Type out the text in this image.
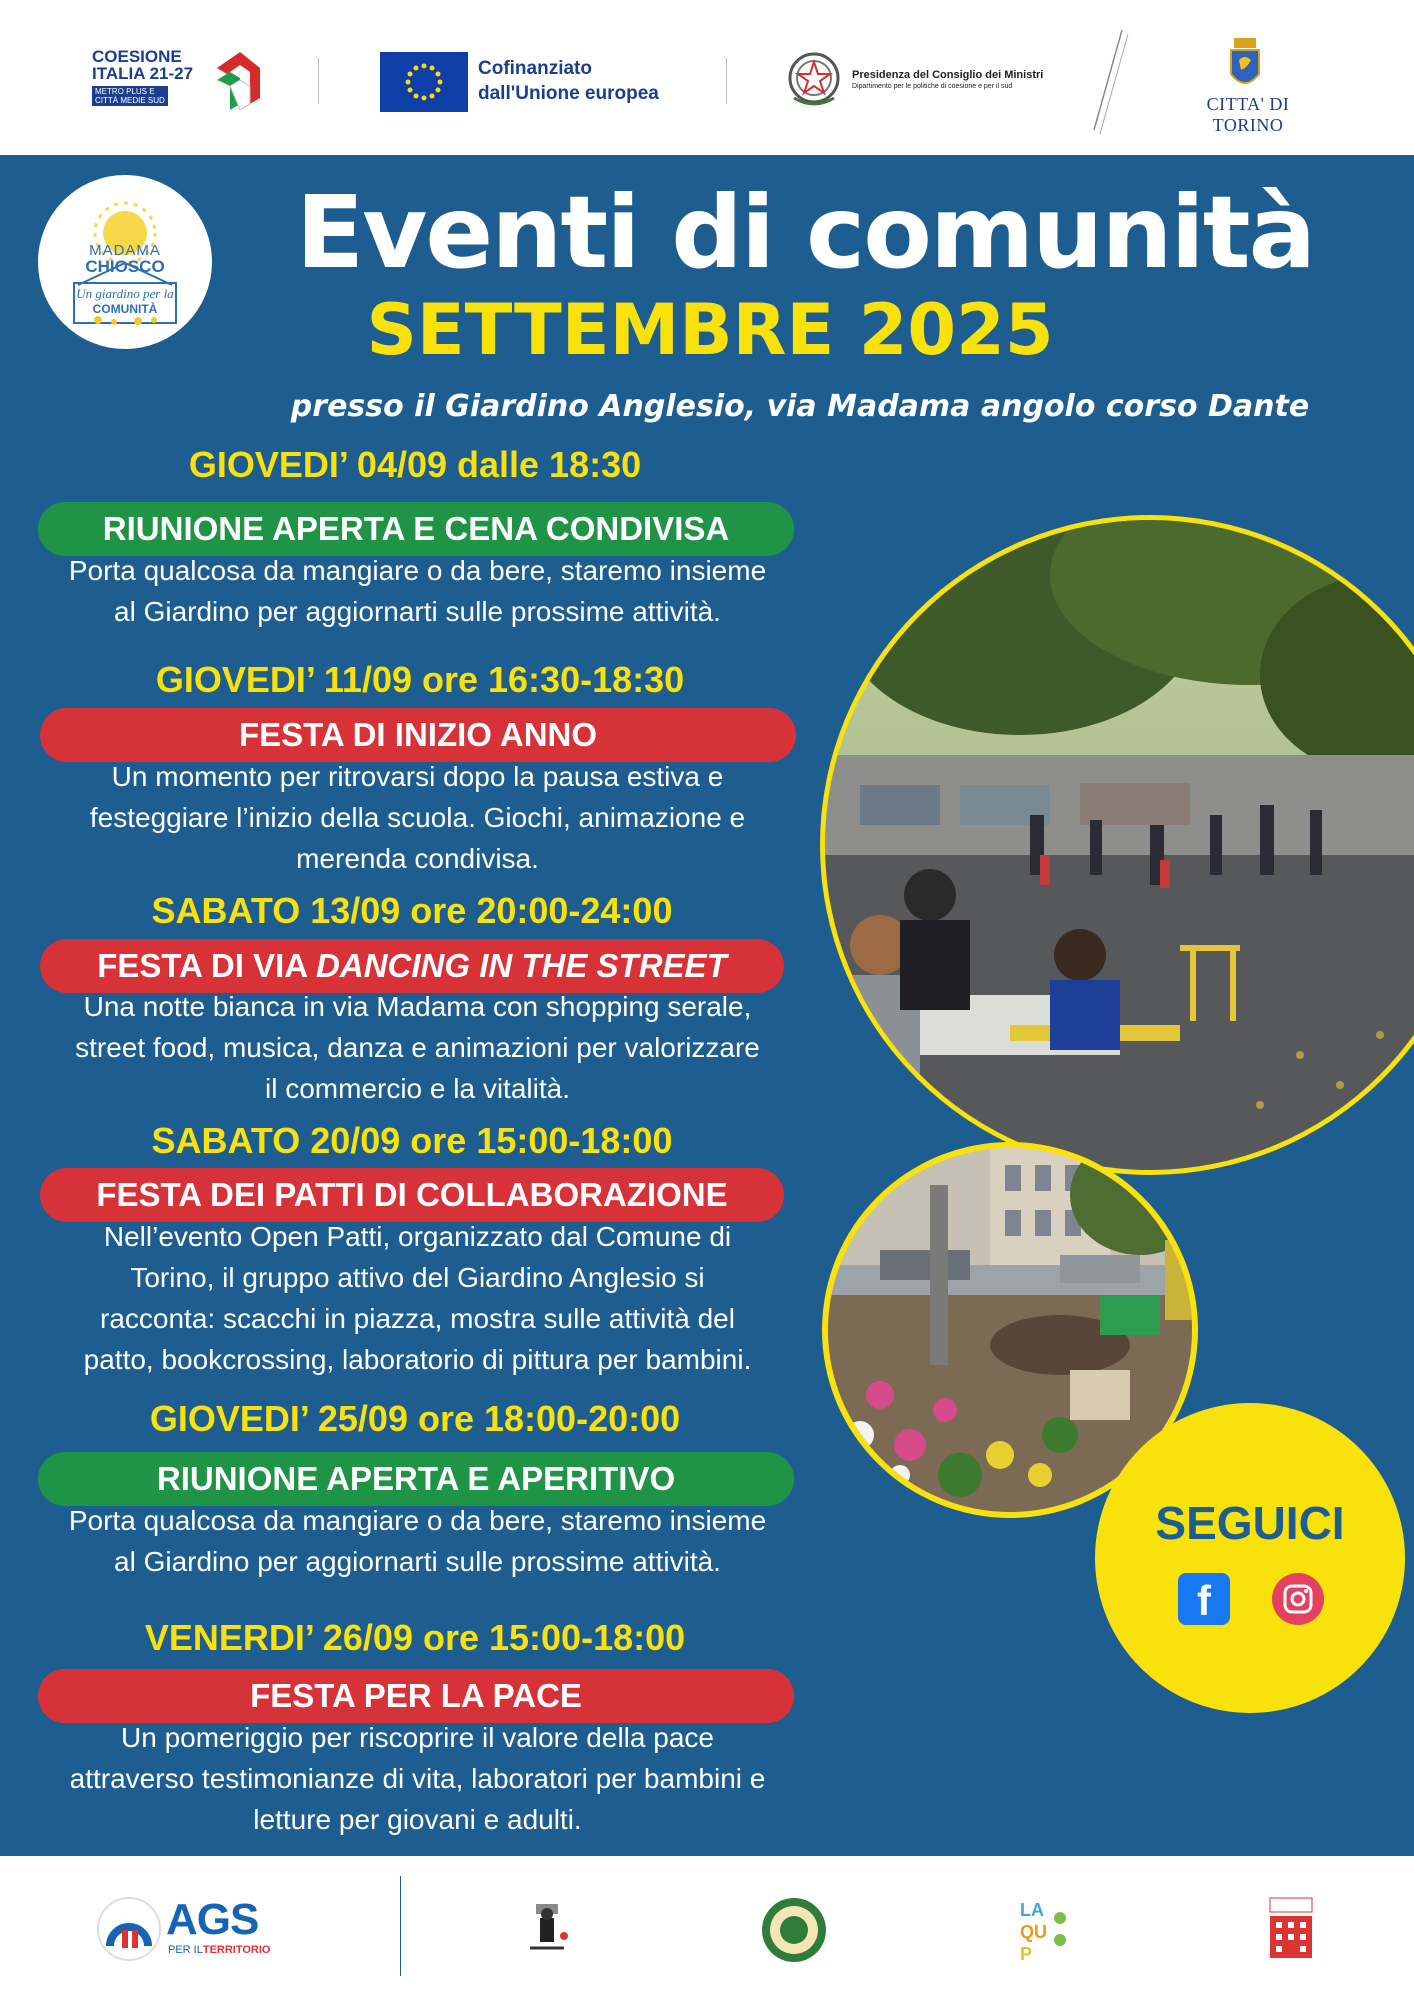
COESIONE
ITALIA 21-27
METRO PLUS E
CITTÀ MEDIE SUD
Cofinanziato
dall'Unione europea
Presidenza del Consiglio dei Ministri
Dipartimento per le politiche di coesione e per il sud
CITTA' DI TORINO
MADAMA
CHIOSCO
Un giardino per la
COMUNITÀ
Eventi di comunità
SETTEMBRE 2025
presso il Giardino Anglesio, via Madama angolo corso Dante
GIOVEDI’ 04/09 dalle 18:30
RIUNIONE APERTA E CENA CONDIVISA
Porta qualcosa da mangiare o da bere, staremo insieme
al Giardino per aggiornarti sulle prossime attività.
GIOVEDI’ 11/09 ore 16:30-18:30
FESTA DI INIZIO ANNO
Un momento per ritrovarsi dopo la pausa estiva e
festeggiare l’inizio della scuola. Giochi, animazione e
merenda condivisa.
SABATO 13/09 ore 20:00-24:00
FESTA DI VIA DANCING IN THE STREET
Una notte bianca in via Madama con shopping serale,
street food, musica, danza e animazioni per valorizzare
il commercio e la vitalità.
SABATO 20/09 ore 15:00-18:00
FESTA DEI PATTI DI COLLABORAZIONE
Nell’evento Open Patti, organizzato dal Comune di
Torino, il gruppo attivo del Giardino Anglesio si
racconta: scacchi in piazza, mostra sulle attività del
patto, bookcrossing, laboratorio di pittura per bambini.
GIOVEDI’ 25/09 ore 18:00-20:00
RIUNIONE APERTA E APERITIVO
Porta qualcosa da mangiare o da bere, staremo insieme
al Giardino per aggiornarti sulle prossime attività.
VENERDI’ 26/09 ore 15:00-18:00
FESTA PER LA PACE
Un pomeriggio per riscoprire il valore della pace
attraverso testimonianze di vita, laboratori per bambini e
letture per giovani e adulti.
SEGUICI
f
AGS
PER ILTERRITORIO
LA
QU
P
